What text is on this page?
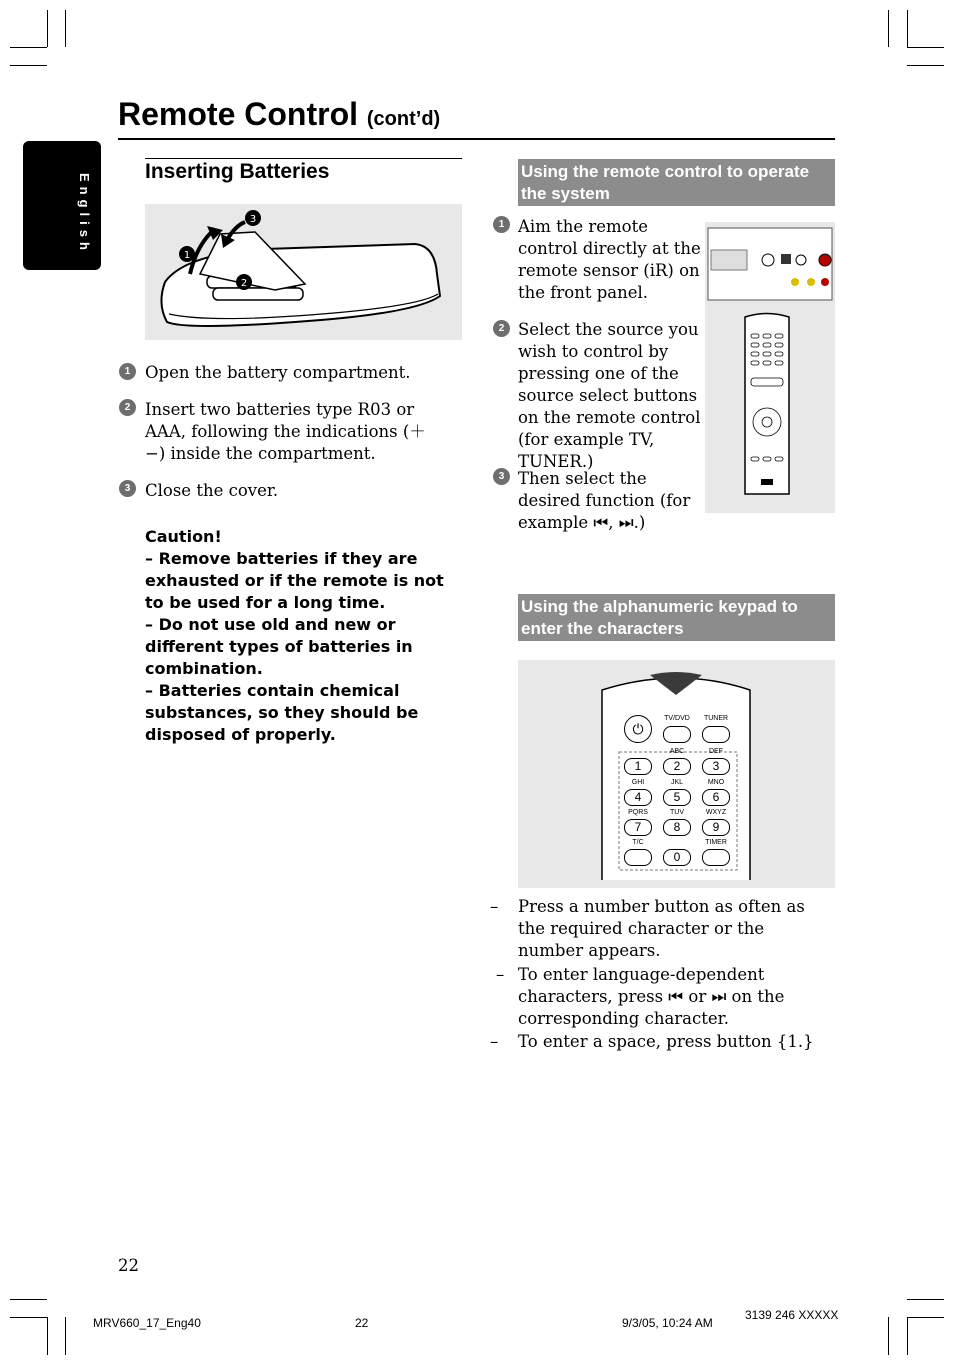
Remote Control (cont’d)
English
Inserting Batteries
1
2
3
1 Open the battery compartment.
2 Insert two batteries type R03 or AAA, following the indications (＋ −) inside the compartment.
3 Close the cover.
Caution!
– Remove batteries if they are exhausted or if the remote is not to be used for a long time.
– Do not use old and new or different types of batteries in combination.
– Batteries contain chemical substances, so they should be disposed of properly.
Using the remote control to operate the system
1 Aim the remote control directly at the remote sensor (iR) on the front panel.
2 Select the source you wish to control by pressing one of the source select buttons on the remote control (for example TV, TUNER.)
3 Then select the desired function (for example ⏮, ⏭.)
Using the alphanumeric keypad to enter the characters
⏻
TV/DVD	TUNER
1
ABC
2
DEF
3
GHI
4
JKL
5
MNO
6
PQRS
7
TUV
8
WXYZ
9
T/C
0
TIMER
– Press a number button as often as the required character or the number appears.
– To enter language-dependent characters, press ⏮ or ⏭ on the corresponding character.
– To enter a space, press button {1.}
22
MRV660_17_Eng40	22	9/3/05, 10:24 AM
3139 246 XXXXX
